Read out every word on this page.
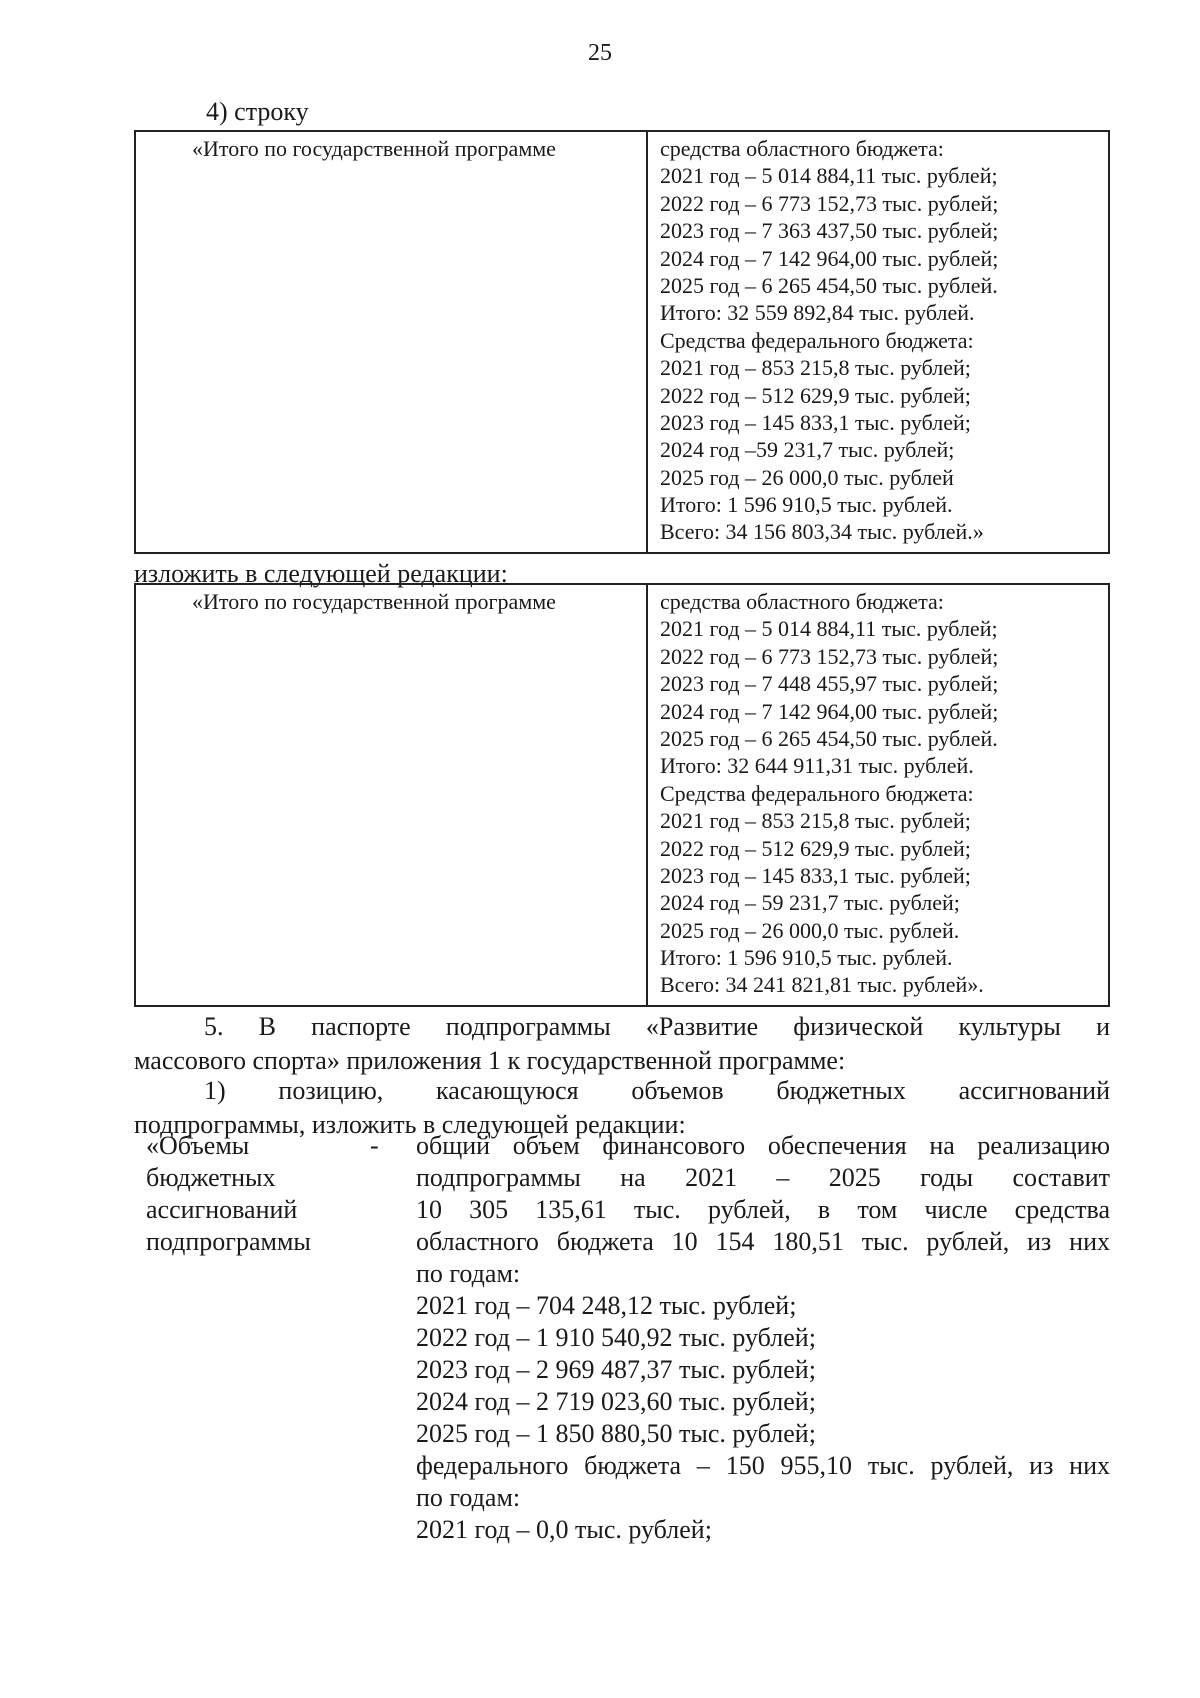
25
4) строку
«Итого по государственной программе	средства областного бюджета:
2021 год – 5 014 884,11 тыс. рублей;
2022 год – 6 773 152,73 тыс. рублей;
2023 год – 7 363 437,50 тыс. рублей;
2024 год – 7 142 964,00 тыс. рублей;
2025 год – 6 265 454,50 тыс. рублей.
Итого: 32 559 892,84 тыс. рублей.
Средства федерального бюджета:
2021 год – 853 215,8 тыс. рублей;
2022 год – 512 629,9 тыс. рублей;
2023 год – 145 833,1 тыс. рублей;
2024 год –59 231,7 тыс. рублей;
2025 год – 26 000,0 тыс. рублей
Итого: 1 596 910,5 тыс. рублей.
Всего: 34 156 803,34 тыс. рублей.»
изложить в следующей редакции:
«Итого по государственной программе	средства областного бюджета:
2021 год – 5 014 884,11 тыс. рублей;
2022 год – 6 773 152,73 тыс. рублей;
2023 год – 7 448 455,97 тыс. рублей;
2024 год – 7 142 964,00 тыс. рублей;
2025 год – 6 265 454,50 тыс. рублей.
Итого: 32 644 911,31 тыс. рублей.
Средства федерального бюджета:
2021 год – 853 215,8 тыс. рублей;
2022 год – 512 629,9 тыс. рублей;
2023 год – 145 833,1 тыс. рублей;
2024 год – 59 231,7 тыс. рублей;
2025 год – 26 000,0 тыс. рублей.
Итого: 1 596 910,5 тыс. рублей.
Всего: 34 241 821,81 тыс. рублей».
5. В паспорте подпрограммы «Развитие физической культуры и
массового спорта» приложения 1 к государственной программе:
1) позицию, касающуюся объемов бюджетных ассигнований
подпрограммы, изложить в следующей редакции:
«Объемы
бюджетных
ассигнований
подпрограммы
-	общий объем финансового обеспечения на реализацию
подпрограммы на 2021 – 2025 годы составит
10 305 135,61 тыс. рублей, в том числе средства
областного бюджета 10 154 180,51 тыс. рублей, из них
по годам:
2021 год – 704 248,12 тыс. рублей;
2022 год – 1 910 540,92 тыс. рублей;
2023 год – 2 969 487,37 тыс. рублей;
2024 год – 2 719 023,60 тыс. рублей;
2025 год – 1 850 880,50 тыс. рублей;
федерального бюджета – 150 955,10 тыс. рублей, из них
по годам:
2021 год – 0,0 тыс. рублей;
